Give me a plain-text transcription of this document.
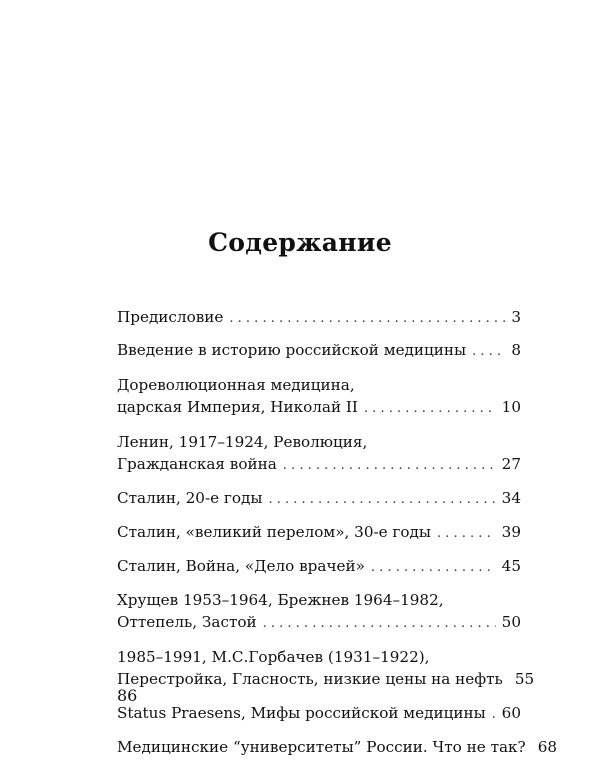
Содержание
Предисловие . . .	3
Введение в историю российской медицины . . .	8
Дореволюционная медицина,
царская Империя, Николай II . . .	10
Ленин, 1917–1924, Революция,
Гражданская война . . .	27
Сталин, 20-е годы . . .	34
Сталин, «великий перелом», 30-е годы . . .	39
Сталин, Война, «Дело врачей» . . .	45
Хрущев 1953–1964, Брежнев 1964–1982,
Оттепель, Застой . . .	50
1985–1991, М.С.Горбачев (1931–1922),
Перестройка, Гласность, низкие цены на нефть 55
Status Praesens, Мифы российской медицины . . . 60
Медицинские “университеты” России. Что не так? 68
86
